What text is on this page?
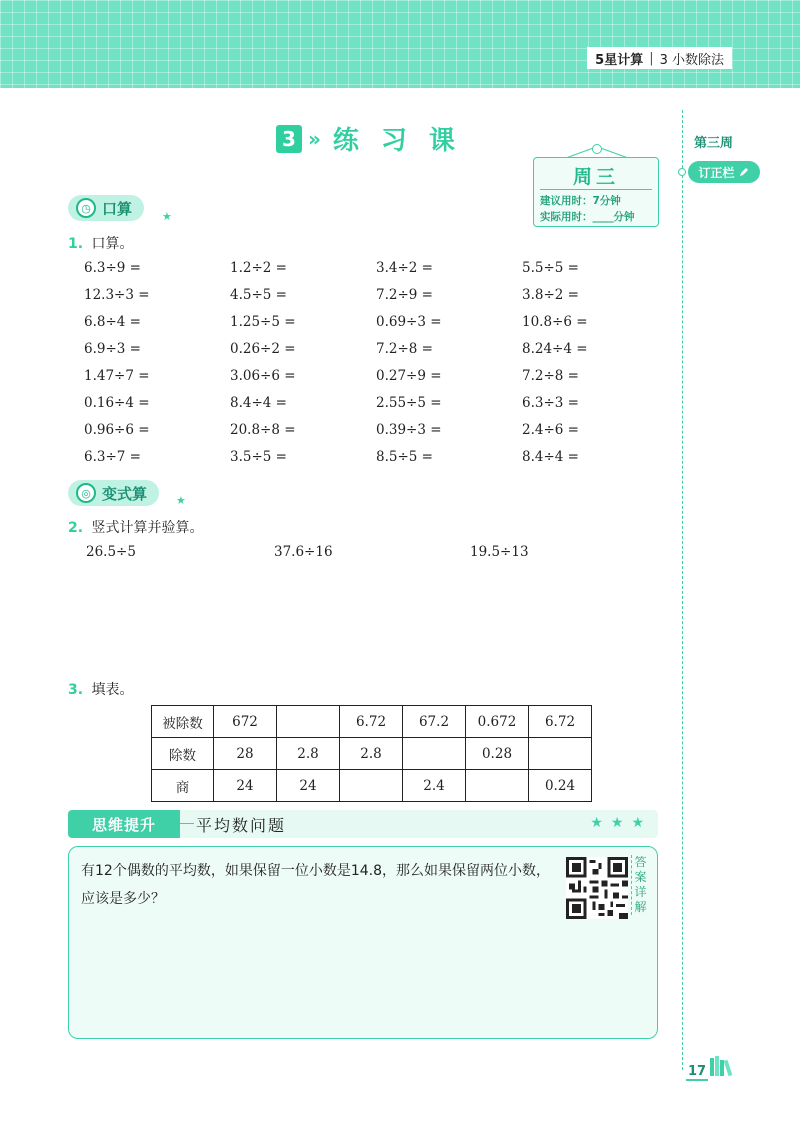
5星计算 | 3 小数除法
第三周
订正栏
3 » 练习课
周三
建议用时：7分钟
实际用时：____分钟
◷ 口算	★
1. 口算。
6.3÷9 =	1.2÷2 =	3.4÷2 =	5.5÷5 =
12.3÷3 =	4.5÷5 =	7.2÷9 =	3.8÷2 =
6.8÷4 =	1.25÷5 =	0.69÷3 =	10.8÷6 =
6.9÷3 =	0.26÷2 =	7.2÷8 =	8.24÷4 =
1.47÷7 =	3.06÷6 =	0.27÷9 =	7.2÷8 =
0.16÷4 =	8.4÷4 =	2.55÷5 =	6.3÷3 =
0.96÷6 =	20.8÷8 =	0.39÷3 =	2.4÷6 =
6.3÷7 =	3.5÷5 =	8.5÷5 =	8.4÷4 =
◎ 变式算	★
2. 竖式计算并验算。
26.5÷5	37.6÷16	19.5÷13
3. 填表。
被除数	672		6.72	67.2	0.672	6.72
除数	28	2.8	2.8		0.28	
商	24	24		2.4		0.24
思维提升	平均数问题	★★★
有12个偶数的平均数，如果保留一位小数是14.8，那么如果保留两位小数，应该是多少？
答
案
详
解
17
